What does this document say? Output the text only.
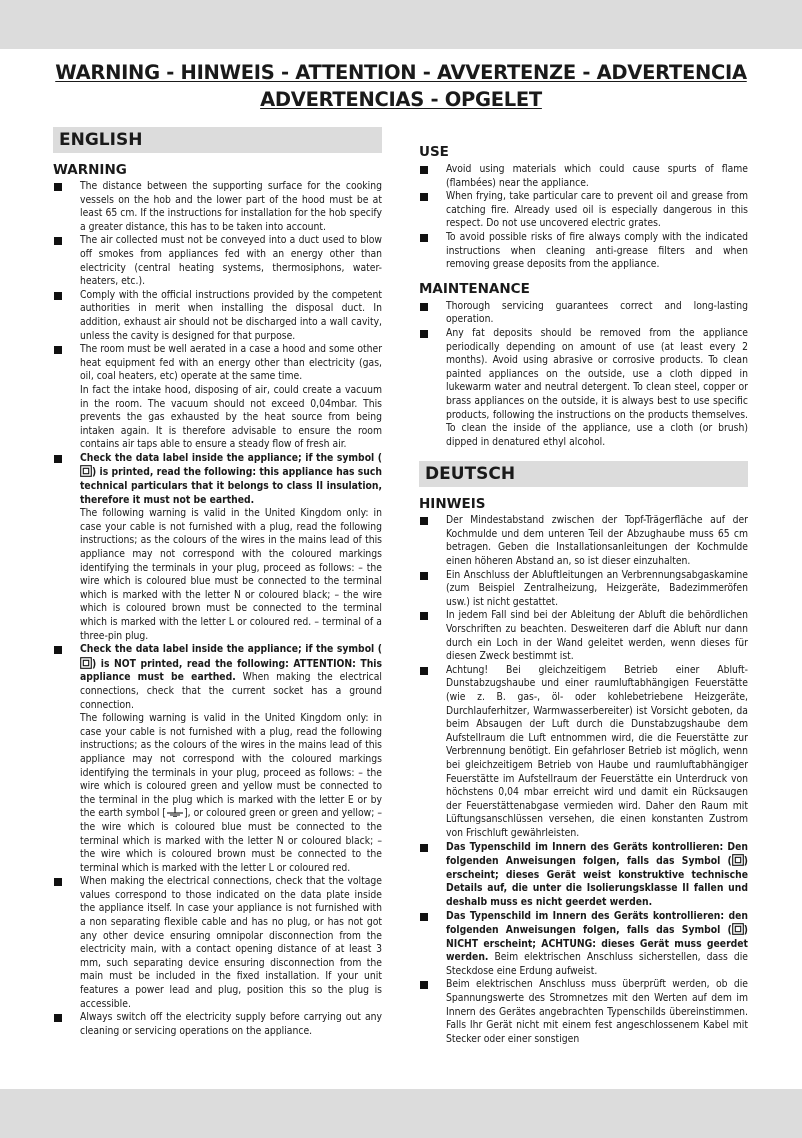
WARNING - HINWEIS - ATTENTION - AVVERTENZE - ADVERTENCIA
ADVERTENCIAS - OPGELET
ENGLISH
WARNING

The distance between the supporting surface for the cooking vessels on the hob and the lower part of the hood must be at least 65 cm. If the instructions for installation for the hob specify a greater distance, this has to be taken into account.

The air collected must not be conveyed into a duct used to blow off smokes from appliances fed with an energy other than electricity (central heating systems, thermosiphons, water-heaters, etc.).

Comply with the official instructions provided by the competent authorities in merit when installing the disposal duct. In addition, exhaust air should not be discharged into a wall cavity, unless the cavity is designed for that purpose.

The room must be well aerated in a case a hood and some other heat equipment fed with an energy other than electricity (gas, oil, coal heaters, etc) operate at the same time.

In fact the intake hood, disposing of air, could create a vacuum in the room. The vacuum should not exceed 0,04mbar. This prevents the gas exhausted by the heat source from being intaken again. It is therefore advisable to ensure the room contains air taps able to ensure a steady flow of fresh air.

Check the data label inside the appliance; if the symbol () is printed, read the following: this appliance has such technical particulars that it belongs to class II insulation, therefore it must not be earthed.

The following warning is valid in the United Kingdom only: in case your cable is not furnished with a plug, read the following instructions; as the colours of the wires in the mains lead of this appliance may not correspond with the coloured markings identifying the terminals in your plug, proceed as follows: – the wire which is coloured blue must be connected to the terminal which is marked with the letter N or coloured black; – the wire which is coloured brown must be connected to the terminal which is marked with the letter L or coloured red. – terminal of a three-pin plug.

Check the data label inside the appliance; if the symbol () is NOT printed, read the following: ATTENTION: This appliance must be earthed. When making the electrical connections, check that the current socket has a ground connection.

The following warning is valid in the United Kingdom only: in case your cable is not furnished with a plug, read the following instructions; as the colours of the wires in the mains lead of this appliance may not correspond with the coloured markings identifying the terminals in your plug, proceed as follows: – the wire which is coloured green and yellow must be connected to the terminal in the plug which is marked with the letter E or by the earth symbol [ ], or coloured green or green and yellow; – the wire which is coloured blue must be connected to the terminal which is marked with the letter N or coloured black; – the wire which is coloured brown must be connected to the terminal which is marked with the letter L or coloured red.

When making the electrical connections, check that the voltage values correspond to those indicated on the data plate inside the appliance itself. In case your appliance is not furnished with a non separating flexible cable and has no plug, or has not got any other device ensuring omnipolar disconnection from the electricity main, with a contact opening distance of at least 3 mm, such separating device ensuring disconnection from the main must be included in the fixed installation. If your unit features a power lead and plug, position this so the plug is accessible.

Always switch off the electricity supply before carrying out any cleaning or servicing operations on the appliance.

USE

Avoid using materials which could cause spurts of flame (flambées) near the appliance.

When frying, take particular care to prevent oil and grease from catching fire. Already used oil is especially dangerous in this respect. Do not use uncovered electric grates.

To avoid possible risks of fire always comply with the indicated instructions when cleaning anti-grease filters and when removing grease deposits from the appliance.

MAINTENANCE

Thorough servicing guarantees correct and long-lasting operation.

Any fat deposits should be removed from the appliance periodically depending on amount of use (at least every 2 months). Avoid using abrasive or corrosive products. To clean painted appliances on the outside, use a cloth dipped in lukewarm water and neutral detergent. To clean steel, copper or brass appliances on the outside, it is always best to use specific products, following the instructions on the products themselves. To clean the inside of the appliance, use a cloth (or brush) dipped in denatured ethyl alcohol.

DEUTSCH
HINWEIS

Der Mindestabstand zwischen der Topf-Trägerfläche auf der Kochmulde und dem unteren Teil der Abzughaube muss 65 cm betragen. Geben die Installationsanleitungen der Kochmulde einen höheren Abstand an, so ist dieser einzuhalten.

Ein Anschluss der Abluftleitungen an Verbrennungsabgaskamine (zum Beispiel Zentralheizung, Heizgeräte, Badezimmeröfen usw.) ist nicht gestattet.

In jedem Fall sind bei der Ableitung der Abluft die behördlichen Vorschriften zu beachten. Desweiteren darf die Abluft nur dann durch ein Loch in der Wand geleitet werden, wenn dieses für diesen Zweck bestimmt ist.

Achtung! Bei gleichzeitigem Betrieb einer Abluft-Dunstabzugshaube und einer raumluftabhängigen Feuerstätte (wie z. B. gas-, öl- oder kohlebetriebene Heizgeräte, Durchlauferhitzer, Warmwasserbereiter) ist Vorsicht geboten, da beim Absaugen der Luft durch die Dunstabzugshaube dem Aufstellraum die Luft entnommen wird, die die Feuerstätte zur Verbrennung benötigt. Ein gefahrloser Betrieb ist möglich, wenn bei gleichzeitigem Betrieb von Haube und raumluftabhängiger Feuerstätte im Aufstellraum der Feuerstätte ein Unterdruck von höchstens 0,04 mbar erreicht wird und damit ein Rücksaugen der Feuerstättenabgase vermieden wird. Daher den Raum mit Lüftungsanschlüssen versehen, die einen konstanten Zustrom von Frischluft gewährleisten.

Das Typenschild im Innern des Geräts kontrollieren: Den folgenden Anweisungen folgen, falls das Symbol ( ) erscheint; dieses Gerät weist konstruktive technische Details auf, die unter die Isolierungsklasse II fallen und deshalb muss es nicht geerdet werden.

Das Typenschild im Innern des Geräts kontrollieren: den folgenden Anweisungen folgen, falls das Symbol ( ) NICHT erscheint; ACHTUNG: dieses Gerät muss geerdet werden. Beim elektrischen Anschluss sicherstellen, dass die Steckdose eine Erdung aufweist.

Beim elektrischen Anschluss muss überprüft werden, ob die Spannungswerte des Stromnetzes mit den Werten auf dem im Innern des Gerätes angebrachten Typenschilds übereinstimmen. Falls Ihr Gerät nicht mit einem fest angeschlossenem Kabel mit Stecker oder einer sonstigen
